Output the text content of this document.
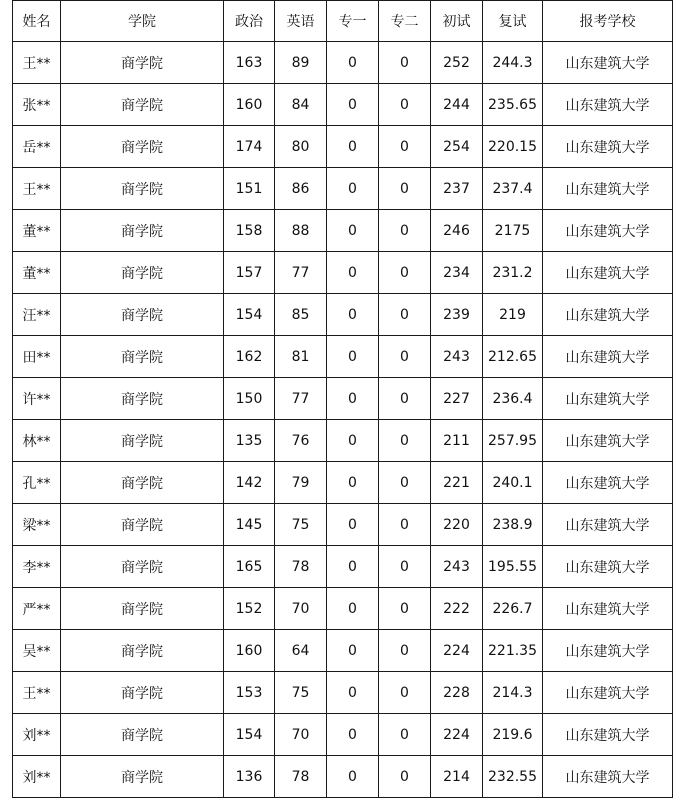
姓名	学院	政治	英语	专一	专二	初试	复试	报考学校
王**	商学院	163	89	0	0	252	244.3	山东建筑大学
张**	商学院	160	84	0	0	244	235.65	山东建筑大学
岳**	商学院	174	80	0	0	254	220.15	山东建筑大学
王**	商学院	151	86	0	0	237	237.4	山东建筑大学
董**	商学院	158	88	0	0	246	2175	山东建筑大学
董**	商学院	157	77	0	0	234	231.2	山东建筑大学
汪**	商学院	154	85	0	0	239	219	山东建筑大学
田**	商学院	162	81	0	0	243	212.65	山东建筑大学
许**	商学院	150	77	0	0	227	236.4	山东建筑大学
林**	商学院	135	76	0	0	211	257.95	山东建筑大学
孔**	商学院	142	79	0	0	221	240.1	山东建筑大学
梁**	商学院	145	75	0	0	220	238.9	山东建筑大学
李**	商学院	165	78	0	0	243	195.55	山东建筑大学
严**	商学院	152	70	0	0	222	226.7	山东建筑大学
吴**	商学院	160	64	0	0	224	221.35	山东建筑大学
王**	商学院	153	75	0	0	228	214.3	山东建筑大学
刘**	商学院	154	70	0	0	224	219.6	山东建筑大学
刘**	商学院	136	78	0	0	214	232.55	山东建筑大学
